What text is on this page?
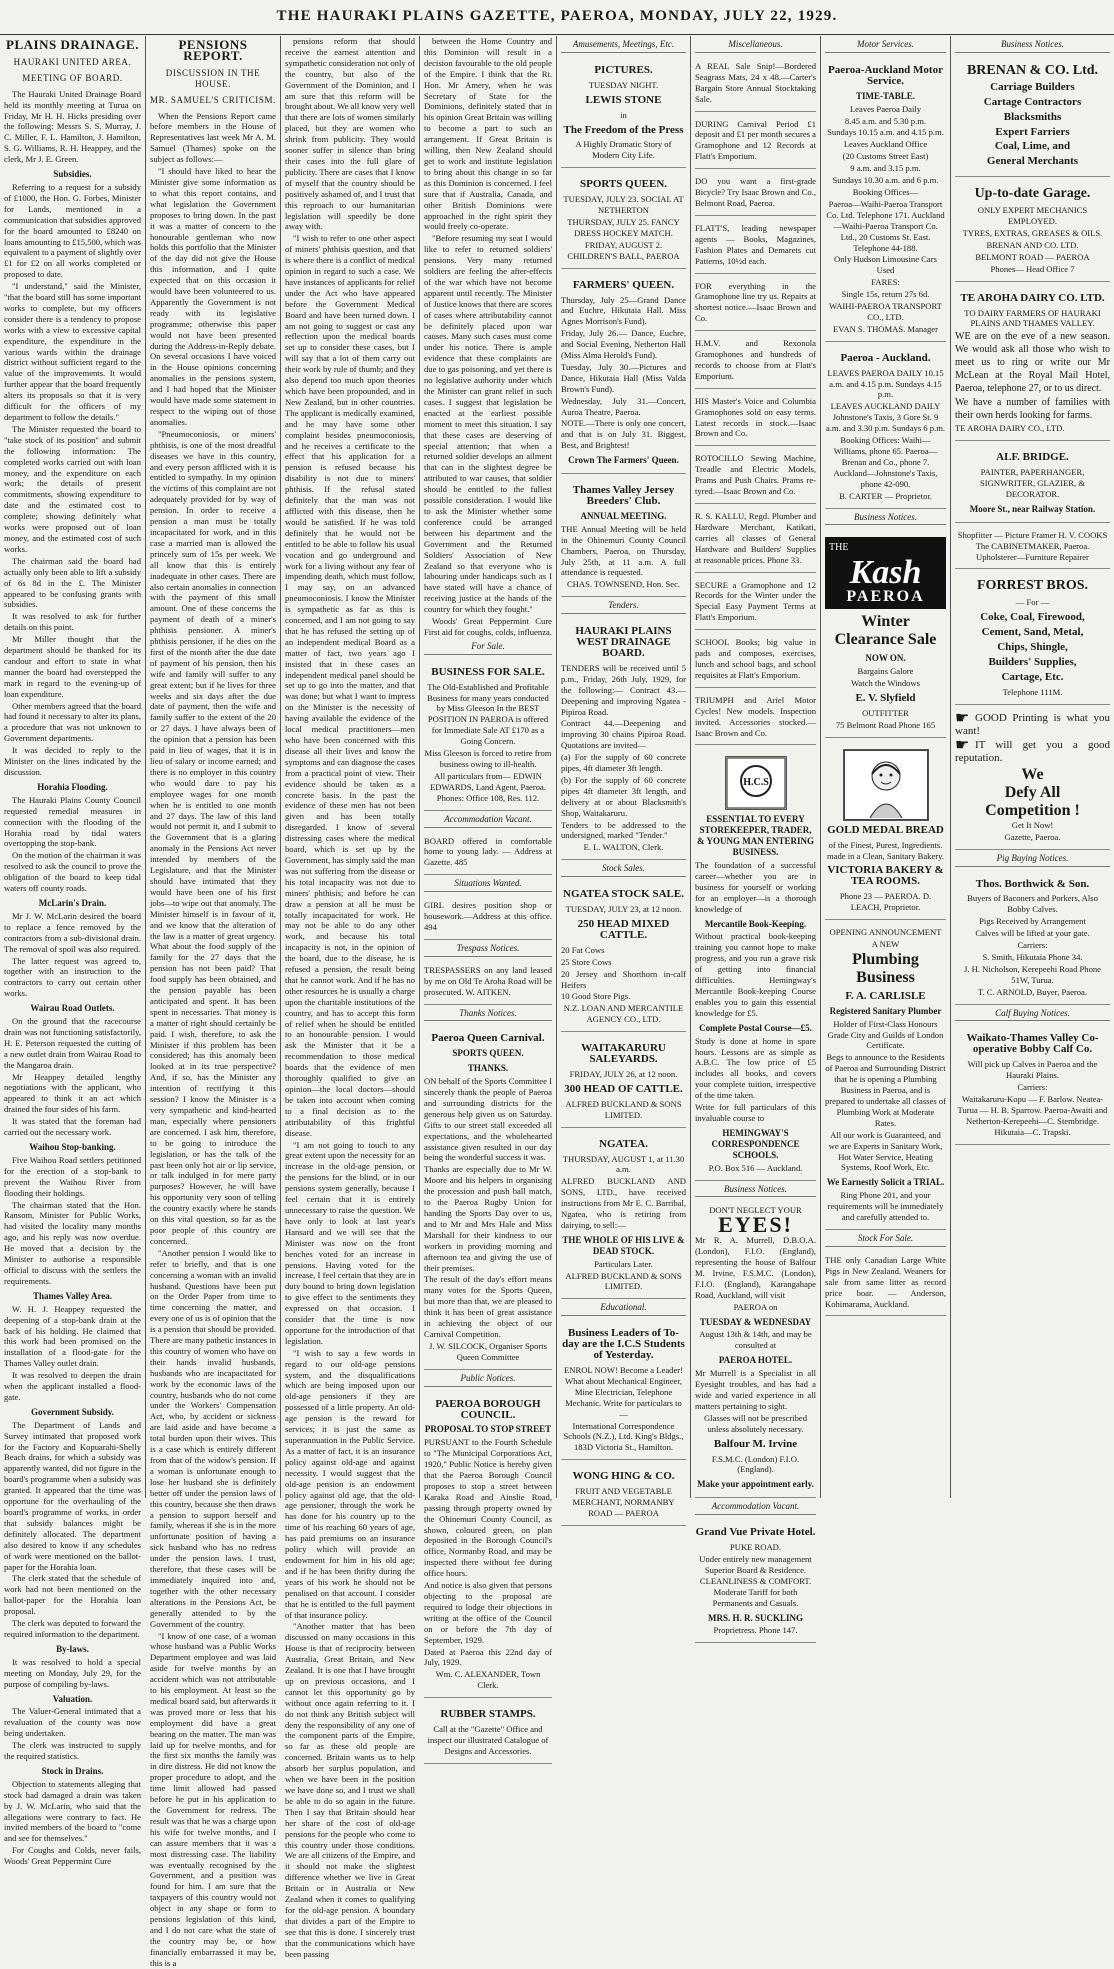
THE HAURAKI PLAINS GAZETTE, PAEROA, MONDAY, JULY 22, 1929.
PLAINS DRAINAGE.
HAURAKI UNITED AREA.
MEETING OF BOARD.

The Hauraki United Drainage Board held its monthly meeting at Turua on Friday, Mr H. H. Hicks presiding over the following: Messrs S. S. Murray, J. C. Miller, F. L. Hamilton, J. Hamilton, S. G. Williams, R. H. Heappey, and the clerk, Mr J. E. Green.

Subsidies.

Referring to a request for a subsidy of £1000, the Hon. G. Forbes, Minister for Lands, mentioned in a communication that subsidies approved for the board amounted to £8240 on loans amounting to £15,500, which was equivalent to a payment of slightly over £1 for £2 on all works completed or proposed to date.

"I understand," said the Minister, "that the board still has some important works to complete, but my officers consider there is a tendency to propose works with a view to excessive capital expenditure, the expenditure in the various wards within the drainage district without sufficient regard to the value of the improvements. It would further appear that the board frequently alters its proposals so that it is very difficult for the officers of my department to follow the details."

The Minister requested the board to "take stock of its position" and submit the following information: The completed works carried out with loan money, and the expenditure on each work; the details of present commitments, showing expenditure to date and the estimated cost to complete; showing definitely what works were proposed out of loan money, and the estimated cost of such works.

The chairman said the board had actually only been able to lift a subsidy of 6s 8d in the £. The Minister appeared to be confusing grants with subsidies.

It was resolved to ask for further details on this point.

Mr Miller thought that the department should be thanked for its candour and effort to state in what manner the board had overstepped the mark in regard to the evening-up of loan expenditure.

Other members agreed that the board had found it necessary to alter its plans, a procedure that was not unknown to Government departments.

It was decided to reply to the Minister on the lines indicated by the discussion.

Horahia Flooding.

The Hauraki Plains County Council requested remedial measures in connection with the flooding of the Horahia road by tidal waters overtopping the stop-bank.

On the motion of the chairman it was resolved to ask the council to prove the obligation of the board to keep tidal waters off county roads.

McLarin's Drain.

Mr J. W. McLarin desired the board to replace a fence removed by the contractors from a sub-divisional drain. The removal of spoil was also required.

The latter request was agreed to, together with an instruction to the contractors to carry out certain other works.

Wairau Road Outlets.

On the ground that the racecourse drain was not functioning satisfactorily, H. E. Peterson requested the cutting of a new outlet drain from Wairau Road to the Mangaroa drain.

Mr Heappey detailed lengthy negotiations with the applicant, who appeared to think it an act which drained the four sides of his farm.

It was stated that the foreman had carried out the necessary work.

Waihou Stop-banking.

Five Waihou Road settlers petitioned for the erection of a stop-bank to prevent the Waihou River from flooding their holdings.

The chairman stated that the Hon. Ransom, Minister for Public Works, had visited the locality many months ago, and his reply was now overdue. He moved that a decision by the Minister to authorise a responsible official to discuss with the settlers the requirements.

Thames Valley Area.

W. H. J. Heappey requested the deepening of a stop-bank drain at the back of his holding. He claimed that this work had been promised on the installation of a flood-gate for the Thames Valley outlet drain.

It was resolved to deepen the drain when the applicant installed a flood-gate.

Government Subsidy.

The Department of Lands and Survey intimated that proposed work for the Factory and Kopuarahi-Shelly Beach drains, for which a subsidy was apparently wanted, did not figure in the board's programme when a subsidy was granted. It appeared that the time was opportune for the overhauling of the board's programme of works, in order that subsidy balances might be definitely allocated. The department also desired to know if any schedules of work were mentioned on the ballot-paper for the Horahia loan.

The clerk stated that the schedule of work had not been mentioned on the ballot-paper for the Horahia loan proposal.

The clerk was deputed to forward the required information to the department.

By-laws.

It was resolved to hold a special meeting on Monday, July 29, for the purpose of compiling by-laws.

Valuation.

The Valuer-General intimated that a revaluation of the county was now being undertaken.

The clerk was instructed to supply the required statistics.

Stock in Drains.

Objection to statements alleging that stock had damaged a drain was taken by J. W. McLarin, who said that the allegations were contrary to fact. He invited members of the board to "come and see for themselves."

For Coughs and Colds, never fails, Woods' Great Peppermint Cure

PENSIONS REPORT.
DISCUSSION IN THE HOUSE.
MR. SAMUEL'S CRITICISM.

When the Pensions Report came before members in the House of Representatives last week Mr A. M. Samuel (Thames) spoke on the subject as follows:—

"I should have liked to hear the Minister give some information as to what this report contains, and what legislation the Government proposes to bring down. In the past it was a matter of concern to the honourable gentleman who now holds this portfolio that the Minister of the day did not give the House this information, and I quite expected that on this occasion it would have been volunteered to us. Apparently the Government is not ready with its legislative programme; otherwise this paper would not have been presented during the Address-in-Reply debate. On several occasions I have voiced in the House opinions concerning anomalies in the pensions system, and I had hoped that the Minister would have made some statement in respect to the wiping out of those anomalies.

"Pneumoconiosis, or miners' phthisis, is one of the most dreadful diseases we have in this country, and every person afflicted with it is entitled to sympathy. In my opinion the victims of this complaint are not adequately provided for by way of pension. In order to receive a pension a man must be totally incapacitated for work, and in this case a married man is allowed the princely sum of 15s per week. We all know that this is entirely inadequate in other cases. There are also certain anomalies in connection with the payment of this small amount. One of these concerns the payment of death of a miner's phthisis pensioner. A miner's phthisis pensioner, if he dies on the first of the month after the due date of payment of his pension, then his wife and family will suffer to any great extent; but if he lives for three weeks and six days after the due date of payment, then the wife and family suffer to the extent of the 20 or 27 days. I have always been of the opinion that a pension has been paid in lieu of wages, that it is in lieu of salary or income earned; and there is no employer in this country who would dare to pay his employee wages for one month when he is entitled to one month and 27 days. The law of this land would not permit it, and I submit to the Government that is a glaring anomaly in the Pensions Act never intended by members of the Legislature, and that the Minister should have intimated that they would have been one of his first jobs—to wipe out that anomaly. The Minister himself is in favour of it, and we know that the alteration of the law is a matter of great urgency. What about the food supply of the family for the 27 days that the pension has not been paid? That food supply has been obtained, and the pension payable has been anticipated and spent. It has been spent in necessaries. That money is a matter of right should certainly be paid. I wish, therefore, to ask the Minister if this problem has been considered; has this anomaly been looked at in its true perspective? And, if so, has the Minister any intention of rectifying it this session? I know the Minister is a very sympathetic and kind-hearted man, especially where pensioners are concerned. I ask him, therefore, to be going to introduce the legislation, or has the talk of the past been only hot air or lip service, or talk indulged in for mere party purposes? However, he will have his opportunity very soon of telling the country exactly where he stands on this vital question, so far as the poor people of this country are concerned.

"Another pension I would like to refer to briefly, and that is one concerning a woman with an invalid husband. Questions have been put on the Order Paper from time to time concerning the matter, and every one of us is of opinion that the is a pension that should be provided. There are many pathetic instances in this country of women who have on their hands invalid husbands, husbands who are incapacitated for work by the economic laws of the country, husbands who do not come under the Workers' Compensation Act, who, by accident or sickness are laid aside and have become a total burden upon their wives. This is a case which is entirely different from that of the widow's pension. If a woman is unfortunate enough to lose her husband she is definitely better off under the pension laws of this country, because she then draws a pension to support herself and family, whereas if she is in the more unfortunate position of having a sick husband who has no redress under the pension laws. I trust, therefore, that these cases will be immediately inquired into and, together with the other necessary alterations in the Pensions Act, be generally attended to by the Government of the country.

"I know of one case, of a woman whose husband was a Public Works Department employee and was laid aside for twelve months by an accident which was not attributable to his employment. At least so the medical board said, but afterwards it was proved more or less that his employment did have a great bearing on the matter. The man was laid up for twelve months, and for the first six months the family was in dire distress. He did not know the proper procedure to adopt, and the time limit allowed had passed before he put in his application to the Government for redress. The result was that he was a charge upon his wife for twelve months, and I can assure members that it was a most distressing case. The liability was eventually recognised by the Government, and a position was found for him. I am sure that the taxpayers of this country would not object in any shape or form to pensions legislation of this kind, and I do not care what the state of the country may be, or how financially embarrassed it may be, this is a

pensions reform that should receive the earnest attention and sympathetic consideration not only of the country, but also of the Government of the Dominion, and I am sure that this reform will be brought about. We all know very well that there are lots of women similarly placed, but they are women who shrink from publicity. They would sooner suffer in silence than bring their cases into the full glare of publicity. There are cases that I know of myself that the country should be positively ashamed of, and I trust that this reproach to our humanitarian legislation will speedily be done away with.

"I wish to refer to one other aspect of miners' phthisis question, and that is where there is a conflict of medical opinion in regard to such a case. We have instances of applicants for relief under the Act who have appeared before the Government Medical Board and have been turned down. I am not going to suggest or cast any reflection upon the medical boards set up to consider these cases, but I will say that a lot of them carry out their work by rule of thumb; and they also depend too much upon theories which have been propounded, and in New Zealand, but in other countries. The applicant is medically examined, and he may have some other complaint besides pneumoconiosis, and he receives a certificate to the effect that his application for a pension is refused because his disability is not due to miners' phthisis. If the refusal stated definitely that the man was not afflicted with this disease, then he would be satisfied. If he was told definitely that he would not be entitled to be able to follow his usual vocation and go underground and work for a living without any fear of impending death, which must follow, I may say, on an advanced pneumoconiosis. I know the Minister is sympathetic as far as this is concerned, and I am not going to say that he has refused the setting up of an independent medical Board as a matter of fact, two years ago I insisted that in these cases an independent medical panel should be set up to go into the matter, and that was done; but what I want to impress on the Minister is the necessity of having available the evidence of the local medical practitioners—men who have been concerned with this disease all their lives and know the symptoms and can diagnose the cases from a practical point of view. Their evidence should be taken as a concrete basis. In the past the evidence of these men has not been given and has been totally disregarded. I know of several distressing cases where the medical board, which is set up by the Government, has simply said the man was not suffering from the disease or his total incapacity was not due to miners' phthisis; and before he can draw a pension at all he must be totally incapacitated for work. He may not be able to do any other work, and because his total incapacity is not, in the opinion of the board, due to the disease, he is refused a pension, the result being that he cannot work. And if he has no other resources he is usually a charge upon the charitable institutions of the country, and has to accept this form of relief when he should be entitled to an honourable pension. I would ask the Minister that it be a recommendation to those medical boards that the evidence of men thoroughly qualified to give an opinion—the local doctors—should be taken into account when coming to a final decision as to the attributability of this frightful disease.

"I am not going to touch to any great extent upon the necessity for an increase in the old-age pension, or the pensions for the blind, or in our pensions system generally, because I feel certain that it is entirely unnecessary to raise the question. We have only to look at last year's Hansard and we will see that the Minister was now on the front benches voted for an increase in pensions. Having voted for the increase, I feel certain that they are in duty bound to bring down legislation to give effect to the sentiments they expressed on that occasion. I consider that the time is now opportune for the introduction of that legislation.

"I wish to say a few words in regard to our old-age pensions system, and the disqualifications which are being imposed upon our old-age pensioners if they are possessed of a little property. An old-age pension is the reward for services; it is just the same as superannuation in the Public Service. As a matter of fact, it is an insurance policy against old-age and against necessity. I would suggest that the old-age pension is an endowment policy against old age, that the old-age pensioner, through the work he has done for his country up to the time of his reaching 60 years of age, has paid premiums on an insurance policy which will provide an endowment for him in his old age; and if he has been thrifty during the years of his work he should not be penalised on that account. I consider that he is entitled to the full payment of that insurance policy.

"Another matter that has been discussed on many occasions in this House is that of reciprocity between Australia, Great Britain, and New Zealand. It is one that I have brought up on previous occasions, and I cannot let this opportunity go by without once again referring to it. I do not think any British subject will deny the responsibility of any one of the component parts of the Empire, so far as these old people are concerned. Britain wants us to help absorb her surplus population, and when we have been in the position we have done so, and I trust we shall be able to do so again in the future. Then I say that Britain should hear her share of the cost of old-age pensions for the people who come to this country under those conditions. We are all citizens of the Empire, and it should not make the slightest difference whether we live in Great Britain or in Australia or New Zealand when it comes to qualifying for the old-age pension. A boundary that divides a part of the Empire to see that this is done. I sincerely trust that the communications which have been passing

between the Home Country and this Dominion will result in a decision favourable to the old people of the Empire. I think that the Rt. Hon. Mr Amery, when he was Secretary of State for the Dominions, definitely stated that in his opinion Great Britain was willing to become a part to such an arrangement. If Great Britain is willing, then New Zealand should get to work and institute legislation to bring about this change in so far as this Dominion is concerned. I feel sure that if Australia, Canada, and other British Dominions were approached in the right spirit they would freely co-operate.

"Before resuming my seat I would like to refer to returned soldiers' pensions. Very many returned soldiers are feeling the after-effects of the war which have not become apparent until recently. The Minister of Justice knows that there are scores of cases where attributability cannot be definitely placed upon war causes. Many such cases must come under his notice. There is ample evidence that these complaints are due to gas poisoning, and yet there is no legislative authority under which the Minister can grant relief in such cases. I suggest that legislation be enacted at the earliest possible moment to meet this situation. I say that these cases are deserving of special attention; that when a returned soldier develops an ailment that can in the slightest degree be attributed to war causes, that soldier should be entitled to the fullest possible consideration. I would like to ask the Minister whether some conference could be arranged between his department and the Government and the Returned Soldiers' Association of New Zealand so that everyone who is labouring under handicaps such as I have stated will have a chance of receiving justice at the hands of the country for which they fought."

Woods' Great Peppermint Cure First aid for coughs, colds, influenza.

For Sale.
BUSINESS FOR SALE.

The Old-Established and Profitable Business for many years conducted by Miss Gleeson In the BEST POSITION IN PAEROA is offered for Immediate Sale AT £170 as a Going Concern.

Miss Gleeson is forced to retire from business owing to ill-health.

All particulars from— EDWIN EDWARDS, Land Agent, Paeroa. Phones: Office 108, Res. 112.

Accommodation Vacant.

BOARD offered in comfortable home to young lady. — Address at Gazette. 485

Situations Wanted.

GIRL desires position shop or housework.—Address at this office. 494

Trespass Notices.

TRESPASSERS on any land leased by me on Old Te Aroha Road will be prosecuted. W. AITKEN.

Thanks Notices.
Paeroa Queen Carnival.
SPORTS QUEEN.
THANKS.

ON behalf of the Sports Committee I sincerely thank the people of Paeroa and surrounding districts for the generous help given us on Saturday. Gifts to our street stall exceeded all expectations, and the wholehearted assistance given resulted in our day being the wonderful success it was.

Thanks are especially due to Mr W. Moore and his helpers in organising the procession and push ball match, to the Paeroa Rugby Union for handing the Sports Day over to us, and to Mr and Mrs Hale and Miss Marshall for their kindness to our workers in providing morning and afternoon tea and giving the use of their premises.

The result of the day's effort means many votes for the Sports Queen, but more than that, we are pleased to think it has been of great assistance in achieving the object of our Carnival Competition.

J. W. SILCOCK, Organiser Sports Queen Committee

Public Notices.
PAEROA BOROUGH COUNCIL.
PROPOSAL TO STOP STREET

PURSUANT to the Fourth Schedule to "The Municipal Corporations Act, 1920," Public Notice is hereby given that the Paeroa Borough Council proposes to stop a street between Karaka Road and Ainslie Road, passing through property owned by the Ohinemuri County Council, as shown, coloured green, on plan deposited in the Borough Council's office, Normanby Road, and may be inspected there without fee during office hours.

And notice is also given that persons objecting to the proposal are required to lodge their objections in writing at the office of the Council on or before the 7th day of September, 1929.

Dated at Paeroa this 22nd day of July, 1929.

Wm. C. ALEXANDER, Town Clerk.

RUBBER STAMPS.

Call at the "Gazette" Office and inspect our illustrated Catalogue of Designs and Accessories.

Amusements, Meetings, Etc.
PICTURES.

TUESDAY NIGHT.

LEWIS STONE

in

The Freedom of the Press

A Highly Dramatic Story of Modern City Life.

SPORTS QUEEN.

TUESDAY, JULY 23. SOCIAL AT NETHERTON

THURSDAY, JULY 25. FANCY DRESS HOCKEY MATCH.

FRIDAY, AUGUST 2. CHILDREN'S BALL, PAEROA

FARMERS' QUEEN.

Thursday, July 25—Grand Dance and Euchre, Hikutaia Hall. Miss Agnes Morrison's Fund).

Friday, July 26.— Dance, Euchre, and Social Evening, Netherton Hall (Miss Alma Herold's Fund).

Tuesday, July 30.—Pictures and Dance, Hikutaia Hall (Miss Valda Brown's Fund).

Wednesday, July 31.—Concert, Auroa Theatre, Paeroa.

NOTE.—There is only one concert, and that is on July 31. Biggest, Best, and Brightest!

Crown The Farmers' Queen.
Thames Valley Jersey Breeders' Club.
ANNUAL MEETING.

THE Annual Meeting will be held in the Ohinemuri County Council Chambers, Paeroa, on Thursday, July 25th, at 11 a.m. A full attendance is requested.

CHAS. TOWNSEND, Hon. Sec.

Tenders.
HAURAKI PLAINS WEST DRAINAGE BOARD.

TENDERS will be received until 5 p.m., Friday, 26th July, 1929, for the following:— Contract 43.—Deepening and improving Ngatea - Pipiroa Road.

Contract 44.—Deepening and improving 30 chains Pipiroa Road. Quotations are invited—

(a) For the supply of 60 concrete pipes, 4ft diameter 3ft length.

(b) For the supply of 60 concrete pipes 4ft diameter 3ft length, and delivery at or about Blacksmith's Shop, Waitakaruru.

Tenders to be addressed to the undersigned, marked "Tender."

E. L. WALTON, Clerk.

Stock Sales.
NGATEA STOCK SALE.

TUESDAY, JULY 23, at 12 noon.

250 HEAD MIXED CATTLE.

20 Fat Cows

25 Store Cows

20 Jersey and Shorthorn in-calf Heifers

10 Good Store Pigs.

N.Z. LOAN AND MERCANTILE AGENCY CO., LTD.

WAITAKARURU SALEYARDS.

FRIDAY, JULY 26, at 12 noon.

300 HEAD OF CATTLE.

ALFRED BUCKLAND & SONS LIMITED.

NGATEA.

THURSDAY, AUGUST 1, at 11.30 a.m.

ALFRED BUCKLAND AND SONS, LTD., have received instructions from Mr E. C. Barribal, Ngatea, who is retiring from dairying, to sell:—

THE WHOLE OF HIS LIVE & DEAD STOCK.

Particulars Later.

ALFRED BUCKLAND & SONS LIMITED.

Educational.
Business Leaders of To-day are the I.C.S Students of Yesterday.

ENROL NOW! Become a Leader! What about Mechanical Engineer, Mine Electrician, Telephone Mechanic. Write for particulars to—

International Correspondence Schools (N.Z.), Ltd. King's Bldgs., 183D Victoria St., Hamilton.

WONG HING & CO.

FRUIT AND VEGETABLE MERCHANT, NORMANBY ROAD — PAEROA

Miscellaneous.

A REAL Sale Snip!—Bordered Seagrass Mats, 24 x 48.—Carter's Bargain Store Annual Stocktaking Sale.

DURING Carnival Period £1 deposit and £1 per month secures a Gramophone and 12 Records at Flatt's Emporium.

DO you want a first-grade Bicycle? Try Isaac Brown and Co., Belmont Road, Paeroa.

FLATT'S, leading newspaper agents — Books, Magazines, Fashion Plates and Demarets cut Patterns, 10½d each.

FOR everything in the Gramophone line try us. Repairs at shortest notice.—Isaac Brown and Co.

H.M.V. and Rexonola Gramophones and hundreds of records to choose from at Flatt's Emporium.

HIS Master's Voice and Columbia Gramophones sold on easy terms. Latest records in stock.—Isaac Brown and Co.

ROTOCILLO Sewing Machine, Treadle and Electric Models, Prams and Push Chairs. Prams re-tyred.—Isaac Brown and Co.

R. S. KALLU, Regd. Plumber and Hardware Merchant, Katikati, carries all classes of General Hardware and Builders' Supplies at reasonable prices. Phone 33.

SECURE a Gramophone and 12 Records for the Winter under the Special Easy Payment Terms at Flatt's Emporium.

SCHOOL Books; big value in pads and composes, exercises, lunch and school bags, and school requisites at Flatt's Emporium.

TRIUMPH and Ariel Motor Cycles! New models. Inspection invited. Accessories stocked.—Isaac Brown and Co.

H.C.S
ESSENTIAL TO EVERY STOREKEEPER, TRADER, & YOUNG MAN ENTERING BUSINESS.

The foundation of a successful career—whether you are in business for yourself or working for an employer—is a thorough knowledge of

Mercantile Book-Keeping.

Without practical book-keeping training you cannot hope to make progress, and you run a grave risk of getting into financial difficulties. Hemingway's Mercantile Book-keeping Course enables you to gain this essential knowledge for £5.

Complete Postal Course—£5.

Study is done at home in spare hours. Lessons are as simple as A.B.C. The low price of £5 includes all books, and covers your complete tuition, irrespective of the time taken.

Write for full particulars of this invaluable course to

HEMINGWAY'S CORRESPONDENCE SCHOOLS.

P.O. Box 516 — Auckland.

Business Notices.

DON'T NEGLECT YOUR

EYES!

Mr R. A. Murrell, D.B.O.A. (London), F.I.O. (England), representing the house of Balfour M. Irvine, F.S.M.C. (London), F.I.O. (England), Karangahape Road, Auckland, will visit

PAEROA on

TUESDAY & WEDNESDAY

August 13th & 14th, and may be consulted at

PAEROA HOTEL.

Mr Murrell is a Specialist in all Eyesight troubles, and has had a wide and varied experience in all matters pertaining to sight.

Glasses will not be prescribed unless absolutely necessary.

Balfour M. Irvine

F.S.M.C. (London) F.I.O. (England).

Make your appointment early.
Accommodation Vacant.
Grand Vue Private Hotel.

PUKE ROAD.

Under entirely new management Superior Board & Residence. CLEANLINESS & COMFORT. Moderate Tariff for both Permanents and Casuals.

MRS. H. R. SUCKLING

Proprietress. Phone 147.

Motor Services.
Paeroa-Auckland Motor Service.
TIME-TABLE.

Leaves Paeroa Daily

8.45 a.m. and 5.30 p.m.

Sundays 10.15 a.m. and 4.15 p.m.

Leaves Auckland Office

(20 Customs Street East)

9 a.m. and 3.15 p.m.

Sundays 10.30 a.m. and 6 p.m.

Booking Offices—

Paeroa—Waihi-Paeroa Transport Co. Ltd. Telephone 171. Auckland—Waihi-Paeroa Transport Co. Ltd., 20 Customs St. East. Telephone 44-188.

Only Hudson Limousine Cars Used

FARES:

Single 15s, return 27s 6d.

WAIHI-PAEROA TRANSPORT CO., LTD.

EVAN S. THOMAS. Manager

Paeroa - Auckland.

LEAVES PAEROA DAILY 10.15 a.m. and 4.15 p.m. Sundays 4.15 p.m.

LEAVES AUCKLAND DAILY Johnstone's Taxis, 3 Gore St. 9 a.m. and 3.30 p.m. Sundays 6 p.m.

Booking Offices: Waihi—Williams, phone 65. Paeroa—Brenan and Co., phone 7. Auckland—Johnstone's Taxis, phone 42-090.

B. CARTER — Proprietor.

Business Notices.
THE
Kash
PAEROA
Winter Clearance Sale
NOW ON.

Bargains Galore

Watch the Windows

E. V. Slyfield

OUTFITTER

75 Belmont Road Phone 165

GOLD MEDAL BREAD

of the Finest, Purest, Ingredients. made in a Clean, Sanitary Bakery.

VICTORIA BAKERY & TEA ROOMS.

Phone 23 — PAEROA. D. LEACH, Proprietor.

OPENING ANNOUNCEMENT

A NEW

Plumbing Business
F. A. CARLISLE
Registered Sanitary Plumber

Holder of First-Class Honours Grade City and Guilds of London Certificate.

Begs to announce to the Residents of Paeroa and Surrounding District that he is opening a Plumbing Business in Paeroa, and is prepared to undertake all classes of Plumbing Work at Moderate Rates.

All our work is Guaranteed, and we are Experts in Sanitary Work, Hot Water Service, Heating Systems, Roof Work, Etc.

We Earnestly Solicit a TRIAL.

Ring Phone 201, and your requirements will be immediately and carefully attended to.

Stock For Sale.

THE only Canadian Large White Pigs in New Zealand. Weaners for sale from same litter as record price boar. — Anderson, Kohimarama, Auckland.

Business Notices.
BRENAN & CO. Ltd.
Carriage Builders
Cartage Contractors
Blacksmiths
Expert Farriers
Coal, Lime, and
General Merchants
Up-to-date Garage.

ONLY EXPERT MECHANICS EMPLOYED.

TYRES, EXTRAS, GREASES & OILS.

BRENAN AND CO. LTD.

BELMONT ROAD — PAEROA

Phones— Head Office 7

TE AROHA DAIRY CO. LTD.

TO DAIRY FARMERS OF HAURAKI PLAINS AND THAMES VALLEY.

WE are on the eve of a new season. We would ask all those who wish to meet us to ring or write our Mr McLean at the Royal Mail Hotel, Paeroa, telephone 27, or to us direct.

We have a number of families with their own herds looking for farms.

TE AROHA DAIRY CO., LTD.

ALF. BRIDGE.

PAINTER, PAPERHANGER, SIGNWRITER, GLAZIER, & DECORATOR.

Moore St., near Railway Station.

Shopfitter — Picture Framer H. V. COOKS The CABINETMAKER, Paeroa. Upholsterer—Furniture Repairer

FORREST BROS.

— For —

Coke, Coal, Firewood,
Cement, Sand, Metal,
Chips, Shingle,
Builders' Supplies,
Cartage, Etc.

Telephone 111M.

☛ GOOD Printing is what you want!

☛ IT will get you a good reputation.

We
Defy All
Competition !

Get It Now!

Gazette, Paeroa.

Pig Buying Notices.
Thos. Borthwick & Son.

Buyers of Baconers and Porkers, Also Bobby Calves.

Pigs Received by Arrangement

Calves will be lifted at your gate.

Carriers:

S. Smith, Hikutaia Phone 34.

J. H. Nicholson, Kerepeehi Road Phone 51W, Turua.

T. C. ARNOLD, Buyer, Paeroa.

Calf Buying Notices.
Waikato-Thames Valley Co-operative Bobby Calf Co.

Will pick up Calves in Paeroa and the Hauraki Plains.

Carriers:

Waitakaruru-Kopu — F. Barlow. Neatea-Turua — H. B. Sparrow. Paeroa-Awaiti and Netherton-Kerepeehi—C. Stembridge. Hikutaia—C. Trapski.
